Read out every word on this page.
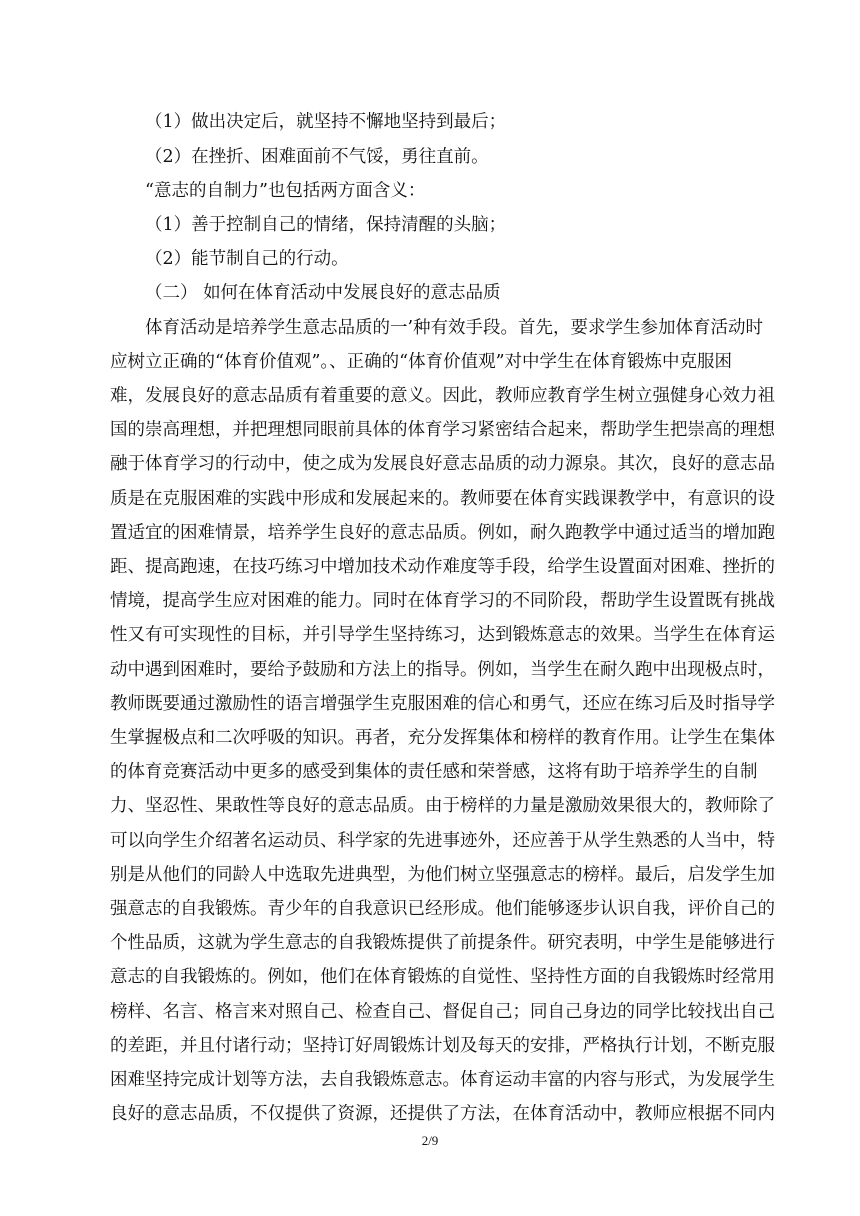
（1）做出决定后，就坚持不懈地坚持到最后；
（2）在挫折、困难面前不气馁，勇往直前。
“意志的自制力”也包括两方面含义：
（1）善于控制自己的情绪，保持清醒的头脑；
（2）能节制自己的行动。
（二） 如何在体育活动中发展良好的意志品质
体育活动是培养学生意志品质的一’种有效手段。首先，要求学生参加体育活动时
应树立正确的“体育价值观”。、正确的“体育价值观”对中学生在体育锻炼中克服困
难，发展良好的意志品质有着重要的意义。因此，教师应教育学生树立强健身心效力祖
国的崇高理想，并把理想同眼前具体的体育学习紧密结合起来，帮助学生把崇高的理想
融于体育学习的行动中，使之成为发展良好意志品质的动力源泉。其次，良好的意志品
质是在克服困难的实践中形成和发展起来的。教师要在体育实践课教学中，有意识的设
置适宜的困难情景，培养学生良好的意志品质。例如，耐久跑教学中通过适当的增加跑
距、提高跑速，在技巧练习中增加技术动作难度等手段，给学生设置面对困难、挫折的
情境，提高学生应对困难的能力。同时在体育学习的不同阶段，帮助学生设置既有挑战
性又有可实现性的目标，并引导学生坚持练习，达到锻炼意志的效果。当学生在体育运
动中遇到困难时，要给予鼓励和方法上的指导。例如，当学生在耐久跑中出现极点时，
教师既要通过激励性的语言增强学生克服困难的信心和勇气，还应在练习后及时指导学
生掌握极点和二次呼吸的知识。再者，充分发挥集体和榜样的教育作用。让学生在集体
的体育竞赛活动中更多的感受到集体的责任感和荣誉感，这将有助于培养学生的自制
力、坚忍性、果敢性等良好的意志品质。由于榜样的力量是激励效果很大的，教师除了
可以向学生介绍著名运动员、科学家的先进事迹外，还应善于从学生熟悉的人当中，特
别是从他们的同龄人中选取先进典型，为他们树立坚强意志的榜样。最后，启发学生加
强意志的自我锻炼。青少年的自我意识已经形成。他们能够逐步认识自我，评价自己的
个性品质，这就为学生意志的自我锻炼提供了前提条件。研究表明，中学生是能够进行
意志的自我锻炼的。例如，他们在体育锻炼的自觉性、坚持性方面的自我锻炼时经常用
榜样、名言、格言来对照自己、检查自己、督促自己；同自己身边的同学比较找出自己
的差距，并且付诸行动；坚持订好周锻炼计划及每天的安排，严格执行计划，不断克服
困难坚持完成计划等方法，去自我锻炼意志。体育运动丰富的内容与形式，为发展学生
良好的意志品质，不仅提供了资源，还提供了方法，在体育活动中，教师应根据不同内
2/9
